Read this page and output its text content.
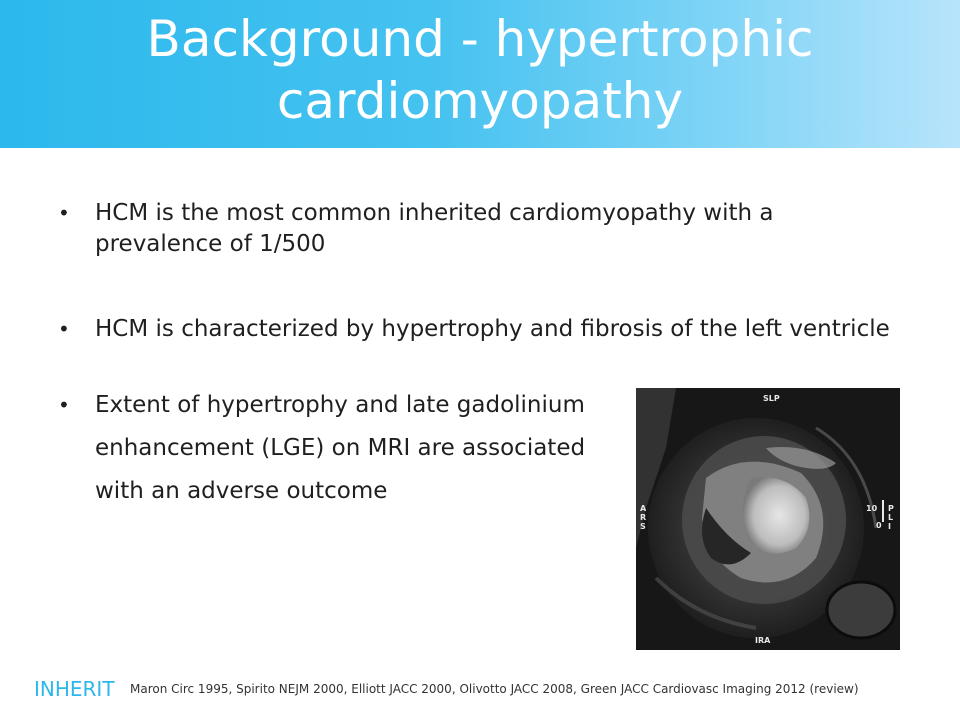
Background - hypertrophic
cardiomyopathy
• HCM is the most common inherited cardiomyopathy with a prevalence of 1/500
• HCM is characterized by hypertrophy and fibrosis of the left ventricle
• Extent of hypertrophy and late gadolinium enhancement (LGE) on MRI are associated with an adverse outcome
SLP
IRA
ARS
PLI
10
0
INHERIT Maron Circ 1995, Spirito NEJM 2000, Elliott JACC 2000, Olivotto JACC 2008, Green JACC Cardiovasc Imaging 2012 (review)
